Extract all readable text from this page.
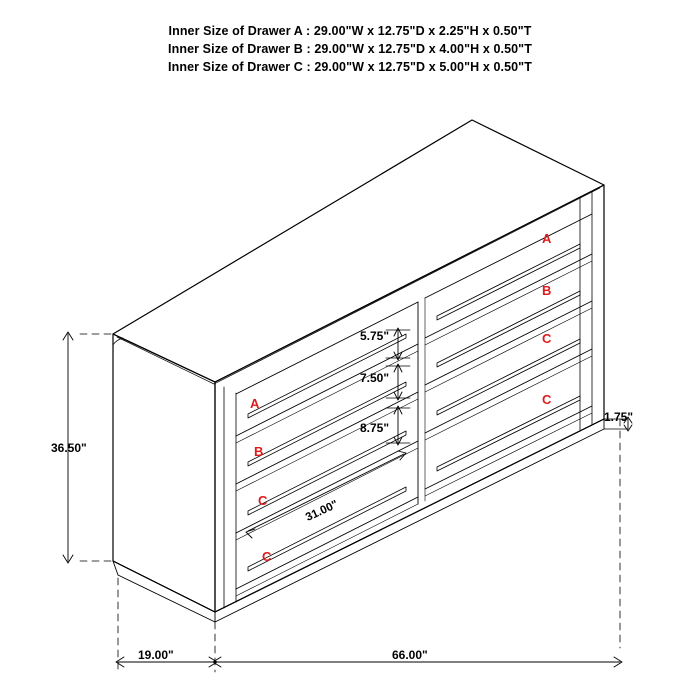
Inner Size of Drawer A : 29.00"W x 12.75"D x 2.25"H x 0.50"T
Inner Size of Drawer B : 29.00"W x 12.75"D x 4.00"H x 0.50"T
Inner Size of Drawer C : 29.00"W x 12.75"D x 5.00"H x 0.50"T
36.50"
1.75"
19.00"	66.00"
31.00"
5.75"
7.50"
8.75"
A
B
C
C
A
B
C
C
